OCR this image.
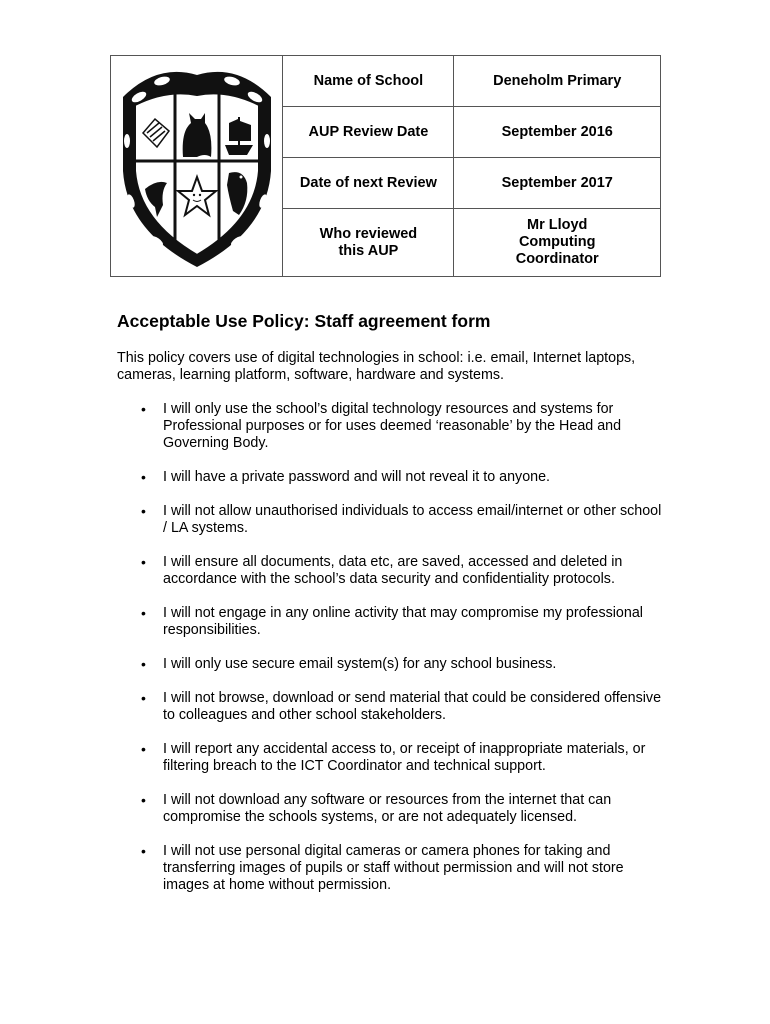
	Name of School	Deneholm Primary
	AUP Review Date	September 2016
	Date of next Review	September 2017
	Who reviewed this AUP	Mr Lloyd Computing Coordinator
Acceptable Use Policy: Staff agreement form

This policy covers use of digital technologies in school: i.e. email, Internet laptops, cameras, learning platform, software, hardware and systems.

• I will only use the school’s digital technology resources and systems for Professional purposes or for uses deemed ‘reasonable’ by the Head and Governing Body.
• I will have a private password and will not reveal it to anyone.
• I will not allow unauthorised individuals to access email/internet or other school / LA systems.
• I will ensure all documents, data etc, are saved, accessed and deleted in accordance with the school’s data security and confidentiality protocols.
• I will not engage in any online activity that may compromise my professional responsibilities.
• I will only use secure email system(s) for any school business.
• I will not browse, download or send material that could be considered offensive to colleagues and other school stakeholders.
• I will report any accidental access to, or receipt of inappropriate materials, or filtering breach to the ICT Coordinator and technical support.
• I will not download any software or resources from the internet that can compromise the schools systems, or are not adequately licensed.
• I will not use personal digital cameras or camera phones for taking and transferring images of pupils or staff without permission and will not store images at home without permission.
